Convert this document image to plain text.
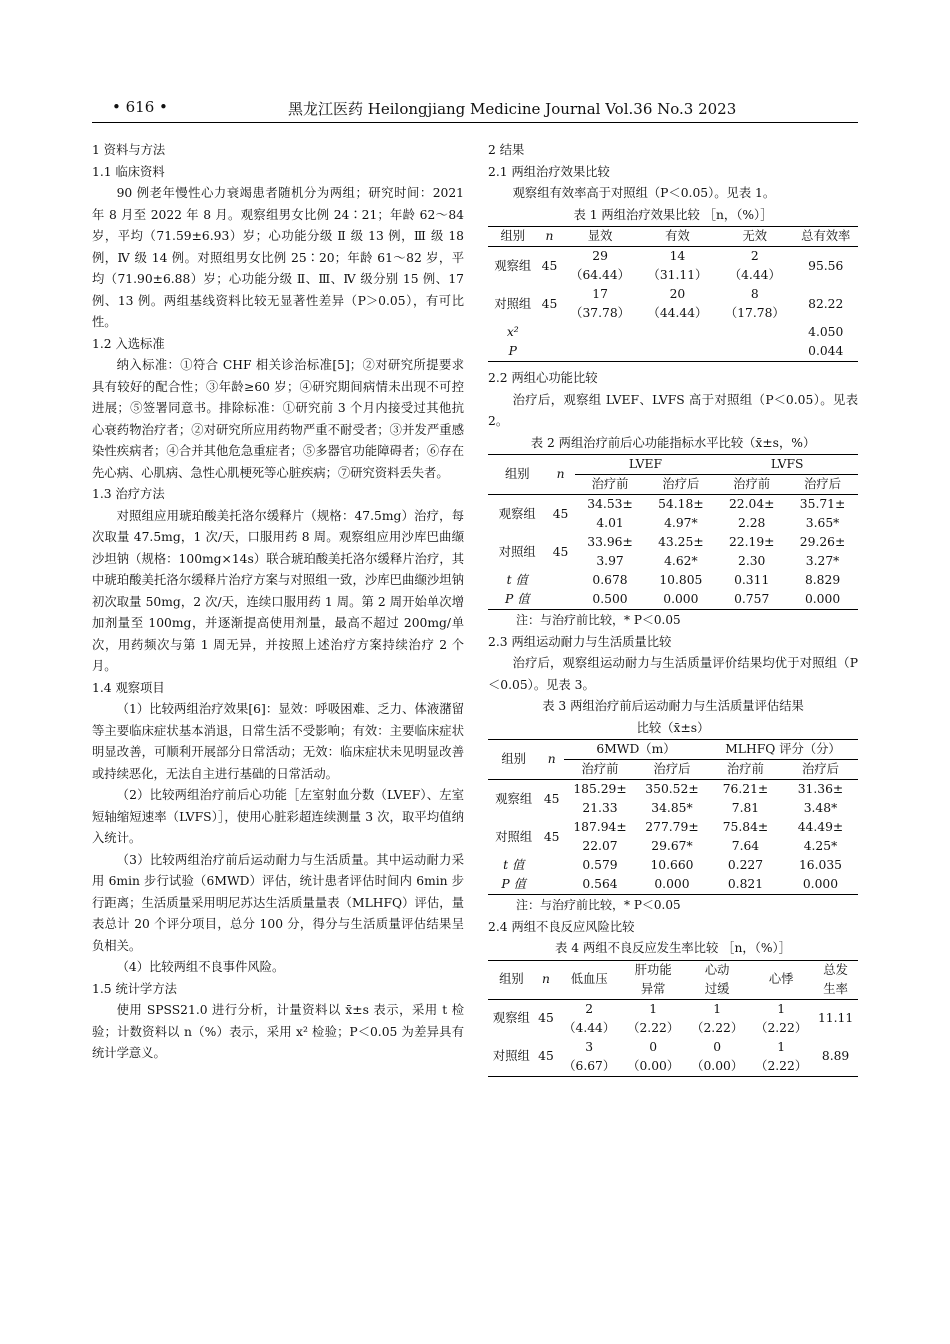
• 616 •	黑龙江医药 Heilongjiang Medicine Journal Vol.36 No.3 2023

1 资料与方法

1.1 临床资料

90 例老年慢性心力衰竭患者随机分为两组；研究时间：2021 年 8 月至 2022 年 8 月。观察组男女比例 24∶21；年龄 62～84 岁，平均（71.59±6.93）岁；心功能分级 Ⅱ 级 13 例，Ⅲ 级 18 例，Ⅳ 级 14 例。对照组男女比例 25∶20；年龄 61～82 岁，平均（71.90±6.88）岁；心功能分级 Ⅱ、Ⅲ、Ⅳ 级分别 15 例、17 例、13 例。两组基线资料比较无显著性差异（P＞0.05），有可比性。

1.2 入选标准

纳入标准：①符合 CHF 相关诊治标准[5]；②对研究所提要求具有较好的配合性；③年龄≥60 岁；④研究期间病情未出现不可控进展；⑤签署同意书。排除标准：①研究前 3 个月内接受过其他抗心衰药物治疗者；②对研究所应用药物严重不耐受者；③并发严重感染性疾病者；④合并其他危急重症者；⑤多器官功能障碍者；⑥存在先心病、心肌病、急性心肌梗死等心脏疾病；⑦研究资料丢失者。

1.3 治疗方法

对照组应用琥珀酸美托洛尔缓释片（规格：47.5mg）治疗，每次取量 47.5mg，1 次/天，口服用药 8 周。观察组应用沙库巴曲缬沙坦钠（规格：100mg×14s）联合琥珀酸美托洛尔缓释片治疗，其中琥珀酸美托洛尔缓释片治疗方案与对照组一致，沙库巴曲缬沙坦钠初次取量 50mg，2 次/天，连续口服用药 1 周。第 2 周开始单次增加剂量至 100mg，并逐渐提高使用剂量，最高不超过 200mg/单次，用药频次与第 1 周无异，并按照上述治疗方案持续治疗 2 个月。

1.4 观察项目

（1）比较两组治疗效果[6]：显效：呼吸困难、乏力、体液潴留等主要临床症状基本消退，日常生活不受影响；有效：主要临床症状明显改善，可顺利开展部分日常活动；无效：临床症状未见明显改善或持续恶化，无法自主进行基础的日常活动。

（2）比较两组治疗前后心功能［左室射血分数（LVEF）、左室短轴缩短速率（LVFS）］，使用心脏彩超连续测量 3 次，取平均值纳入统计。

（3）比较两组治疗前后运动耐力与生活质量。其中运动耐力采用 6min 步行试验（6MWD）评估，统计患者评估时间内 6min 步行距离；生活质量采用明尼苏达生活质量量表（MLHFQ）评估，量表总计 20 个评分项目，总分 100 分，得分与生活质量评估结果呈负相关。

（4）比较两组不良事件风险。

1.5 统计学方法

使用 SPSS21.0 进行分析，计量资料以 x̄±s 表示，采用 t 检验；计数资料以 n（%）表示，采用 x² 检验；P＜0.05 为差异具有统计学意义。

2 结果

2.1 两组治疗效果比较

观察组有效率高于对照组（P＜0.05）。见表 1。

表 1 两组治疗效果比较 ［n，（%）］

组别	n	显效	有效	无效	总有效率
观察组	45	29	14	2	95.56
		（64.44）	（31.11）	（4.44）	
对照组	45	17	20	8	82.22
		（37.78）	（44.44）	（17.78）	
x²					4.050
P					0.044

2.2 两组心功能比较

治疗后，观察组 LVEF、LVFS 高于对照组（P＜0.05）。见表 2。

表 2 两组治疗前后心功能指标水平比较（x̄±s，%）

组别	n	LVEF		LVFS	
		治疗前	治疗后	治疗前	治疗后
观察组	45	34.53±	54.18±	22.04±	35.71±
		4.01	4.97*	2.28	3.65*
对照组	45	33.96±	43.25±	22.19±	29.26±
		3.97	4.62*	2.30	3.27*
t 值		0.678	10.805	0.311	8.829
P 值		0.500	0.000	0.757	0.000

注：与治疗前比较，* P＜0.05

2.3 两组运动耐力与生活质量比较

治疗后，观察组运动耐力与生活质量评价结果均优于对照组（P＜0.05）。见表 3。

表 3 两组治疗前后运动耐力与生活质量评估结果

比较（x̄±s）

组别	n	6MWD（m）		MLHFQ 评分（分）	
		治疗前	治疗后	治疗前	治疗后
观察组	45	185.29±	350.52±	76.21±	31.36±
		21.33	34.85*	7.81	3.48*
对照组	45	187.94±	277.79±	75.84±	44.49±
		22.07	29.67*	7.64	4.25*
t 值		0.579	10.660	0.227	16.035
P 值		0.564	0.000	0.821	0.000

注：与治疗前比较，* P＜0.05

2.4 两组不良反应风险比较

表 4 两组不良反应发生率比较 ［n，（%）］

组别	n	低血压	肝功能	心动	心悸	总发
			异常	过缓		生率
观察组	45	2	1	1	1	11.11
		（4.44）	（2.22）	（2.22）	（2.22）	
对照组	45	3	0	0	1	8.89
		（6.67）	（0.00）	（0.00）	（2.22）	
